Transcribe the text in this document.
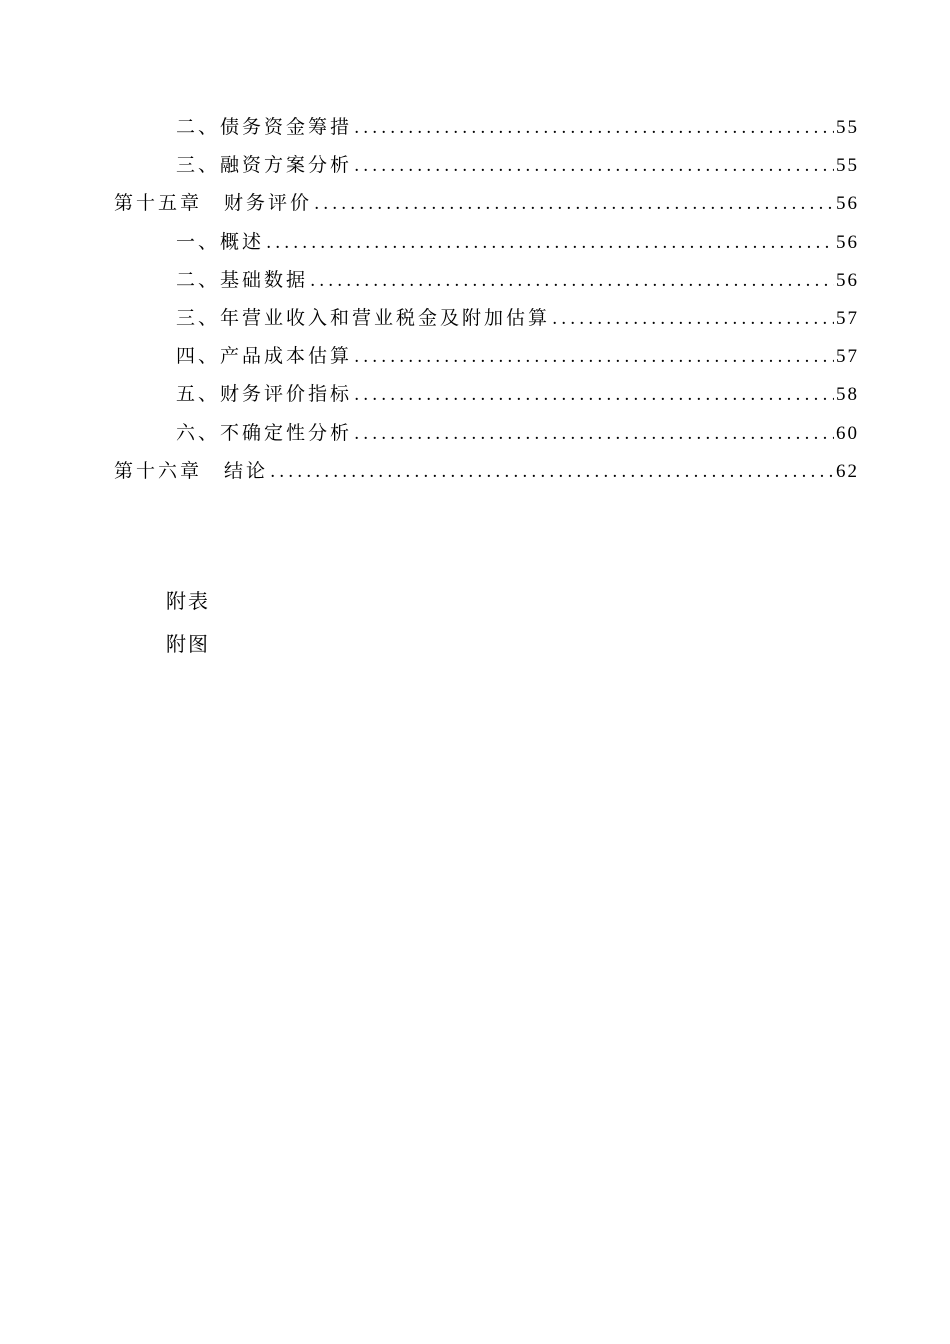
二、债务资金筹措 .....	55
三、融资方案分析 .....	55
第十五章　财务评价 .....	56
一、概述 .....	56
二、基础数据 .....	56
三、年营业收入和营业税金及附加估算 .....	57
四、产品成本估算 .....	57
五、财务评价指标 .....	58
六、不确定性分析 .....	60
第十六章　结论 .....	62
附表
附图
